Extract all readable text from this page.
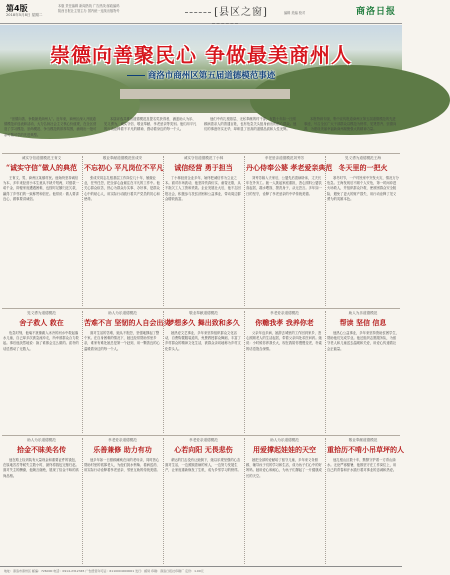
第4版
2018年5月8日 星期二
本版 责任编辑 新闻热线 广告热线 邮政编码
陕西日报社主管主办 国内统一连续出版物号	[县区之窗]	编辑 美编 校对	商洛日报
崇德向善聚民心 争做最美商州人
商洛市商州区第五届道德模范事迹

“崇德向善、争做最美商州人”。近年来，商州区深入开展道德模范评选表彰活动，大力弘扬社会主义核心价值观，在全区营造了学习模范、崇尚模范、争当模范的浓厚氛围，涌现出一批可亲可敬可学的先进典型。

本届评选共推出道德模范及提名奖获得者，涵盖助人为乐、见义勇为、诚实守信、敬业奉献、孝老爱亲等类别。他们用平凡的行动诠释着不平凡的精神，感动着身边的每一个人。

他们中有扎根基层、无私奉献的村干部，有数十年如一日照顾病患亲人的普通百姓，也有危急关头挺身而出的热心群众。他们的事迹朴实无华，却彰显了崇高的道德品质和人性光辉。

本报特辟专版，集中宣传报道商州区第五届道德模范的先进事迹，号召全区广大干部群众以模范为榜样，见贤思齐、崇德向善，为建设美丽幸福新商州凝聚强大的精神力量。

诚实守信道德模范王育文
“诚实守信”做人的典范

王育文，男，商州区某镇村民。他始终坚持诚信为本，多年来经营小本生意从不缺斤短两，对借款一诺千金，即便家庭遭遇困难，也按时足额归还欠款，赢得了乡邻们的一致称赞和信任。他常说：做人要讲良心，做事要讲诚信。

敬业奉献道德模范张成安
不忘初心 平凡岗位不平凡

张成安同志扎根基层工作岗位几十年，兢兢业业，任劳任怨，把全部心血倾注在平凡的工作中。他关心群众疾苦，热心为群众办实事、办好事，是群众心中的贴心人，用实际行动践行着共产党员的初心和使命。

诚实守信道德模范丁小林
诚信经营 勇于担当

丁小林经营企业多年，始终把诚信作为立业之本。面对市场波动，他坚持货真价实、童叟无欺，从不拖欠工人工资和货款。企业发展壮大后，他不忘回报社会，积极参与扶贫济困和公益事业，带动周边群众增收致富。

孝老爱亲道德模范刘秀芳
丹心侍奉公婆 孝老爱亲典范

刘秀芳嫁入夫家后，公婆先后患病卧床，丈夫长年在外务工。她一人挑起家庭重担，悉心照料公婆饮食起居，端水喂饭、擦洗身子，从无怨言。多年如一日的坚守，诠释了孝老爱亲的中华传统美德。

见义勇为道德模范王海
冬天里的一把火

寒冬时节，一户村民家中突发火灾，情况万分危急。王海发现后不顾个人安危，第一时间冲进火场救人，并组织群众扑救，使被困群众安全脱险，避免了更大的财产损失，用行动诠释了见义勇为的英雄本色。

见义勇为道德模范
舍子救人 救在

危急时刻，他毫不犹豫跳入冰冷的河水中救起落水儿童，自己却多次被急流冲走，所幸被群众合力救起。事后他淡然地说：换了谁都会这么做的。质朴的话语感动了无数人。

助人为乐道德模范
苦难不言 坚韧的人自会出头

面对生活的苦难，她从不抱怨，坚强地撑起了整个家。在自身困难的情况下，她还经常帮助邻里乡亲，谁家有难处她总是第一个赶到，用一颗善良的心温暖着身边的每一个人。

敬业奉献道德模范
梦想多久 舞出致和多久

她热爱文艺事业，多年来坚持组织群众文化活动，自费购置服装道具，免费教授群众舞蹈，丰富了乡村群众的精神文化生活，被群众亲切地称为乡村文化带头人。

孝老爱亲道德模范
你赡我孝 我养你老

父亲年迈多病，她辞去城里的工作回到家乡，悉心照顾老人的生活起居，带着父亲四处求医问药。她说：小时候你养我长大，现在我陪你慢慢变老，朴素的话语饱含深情。

助人为乐道德模范
帮读 坚信 信息

他热心公益事业，多年来坚持资助贫困学生，帮助他们完成学业。他还组织志愿服务队，为留守老人和儿童送去温暖和关爱，用爱心传递着社会正能量。

助人为乐道德模范
拾金不昧美名传

他在路上捡到装有大量现金和重要证件的钱包，在原地苦苦等候失主数小时，最终将钱包完璧归赵。面对失主的酬谢，他婉言谢绝，展现了拾金不昧的高尚品格。

孝老爱亲道德模范
乐善兼修 助力有功

他多年如一日照顾瘫痪在床的老母亲，同时热心帮助村里的孤寡老人，为他们挑水劈柴、看病送药，用实际行动诠释着孝老爱亲、邻里互助的传统美德。

孝老爱亲道德模范
心若向阳 无畏悲伤

命运的打击没有让她倒下，她以乐观坚强的心态面对生活，一边照顾患病的家人，一边努力发展生产，让家庭重新焕发了生机，成为乡邻学习的榜样。

助人为乐道德模范
用爱撑起娃娃的天空

她把全部的爱献给了留守儿童，多年来义务照顾、辅导孩子们的学习和生活，成为孩子们心中的好妈妈。她用爱心和耐心，为孩子们撑起了一片健康成长的天空。

敬业奉献道德模范
重拾历不啃小吊草坪的人

他扎根山区数十年，默默守护着一方青山绿水。无论严寒酷暑，他都坚守在工作岗位上，用自己的青春和汗水践行着对事业的忠诚和热爱。

地址：商洛市商州区 邮编：726000 电话：0914-2312345 广告经营许可证：6110004000001 发行：邮局 印刷：商洛日报社印刷厂 定价：1.00元
